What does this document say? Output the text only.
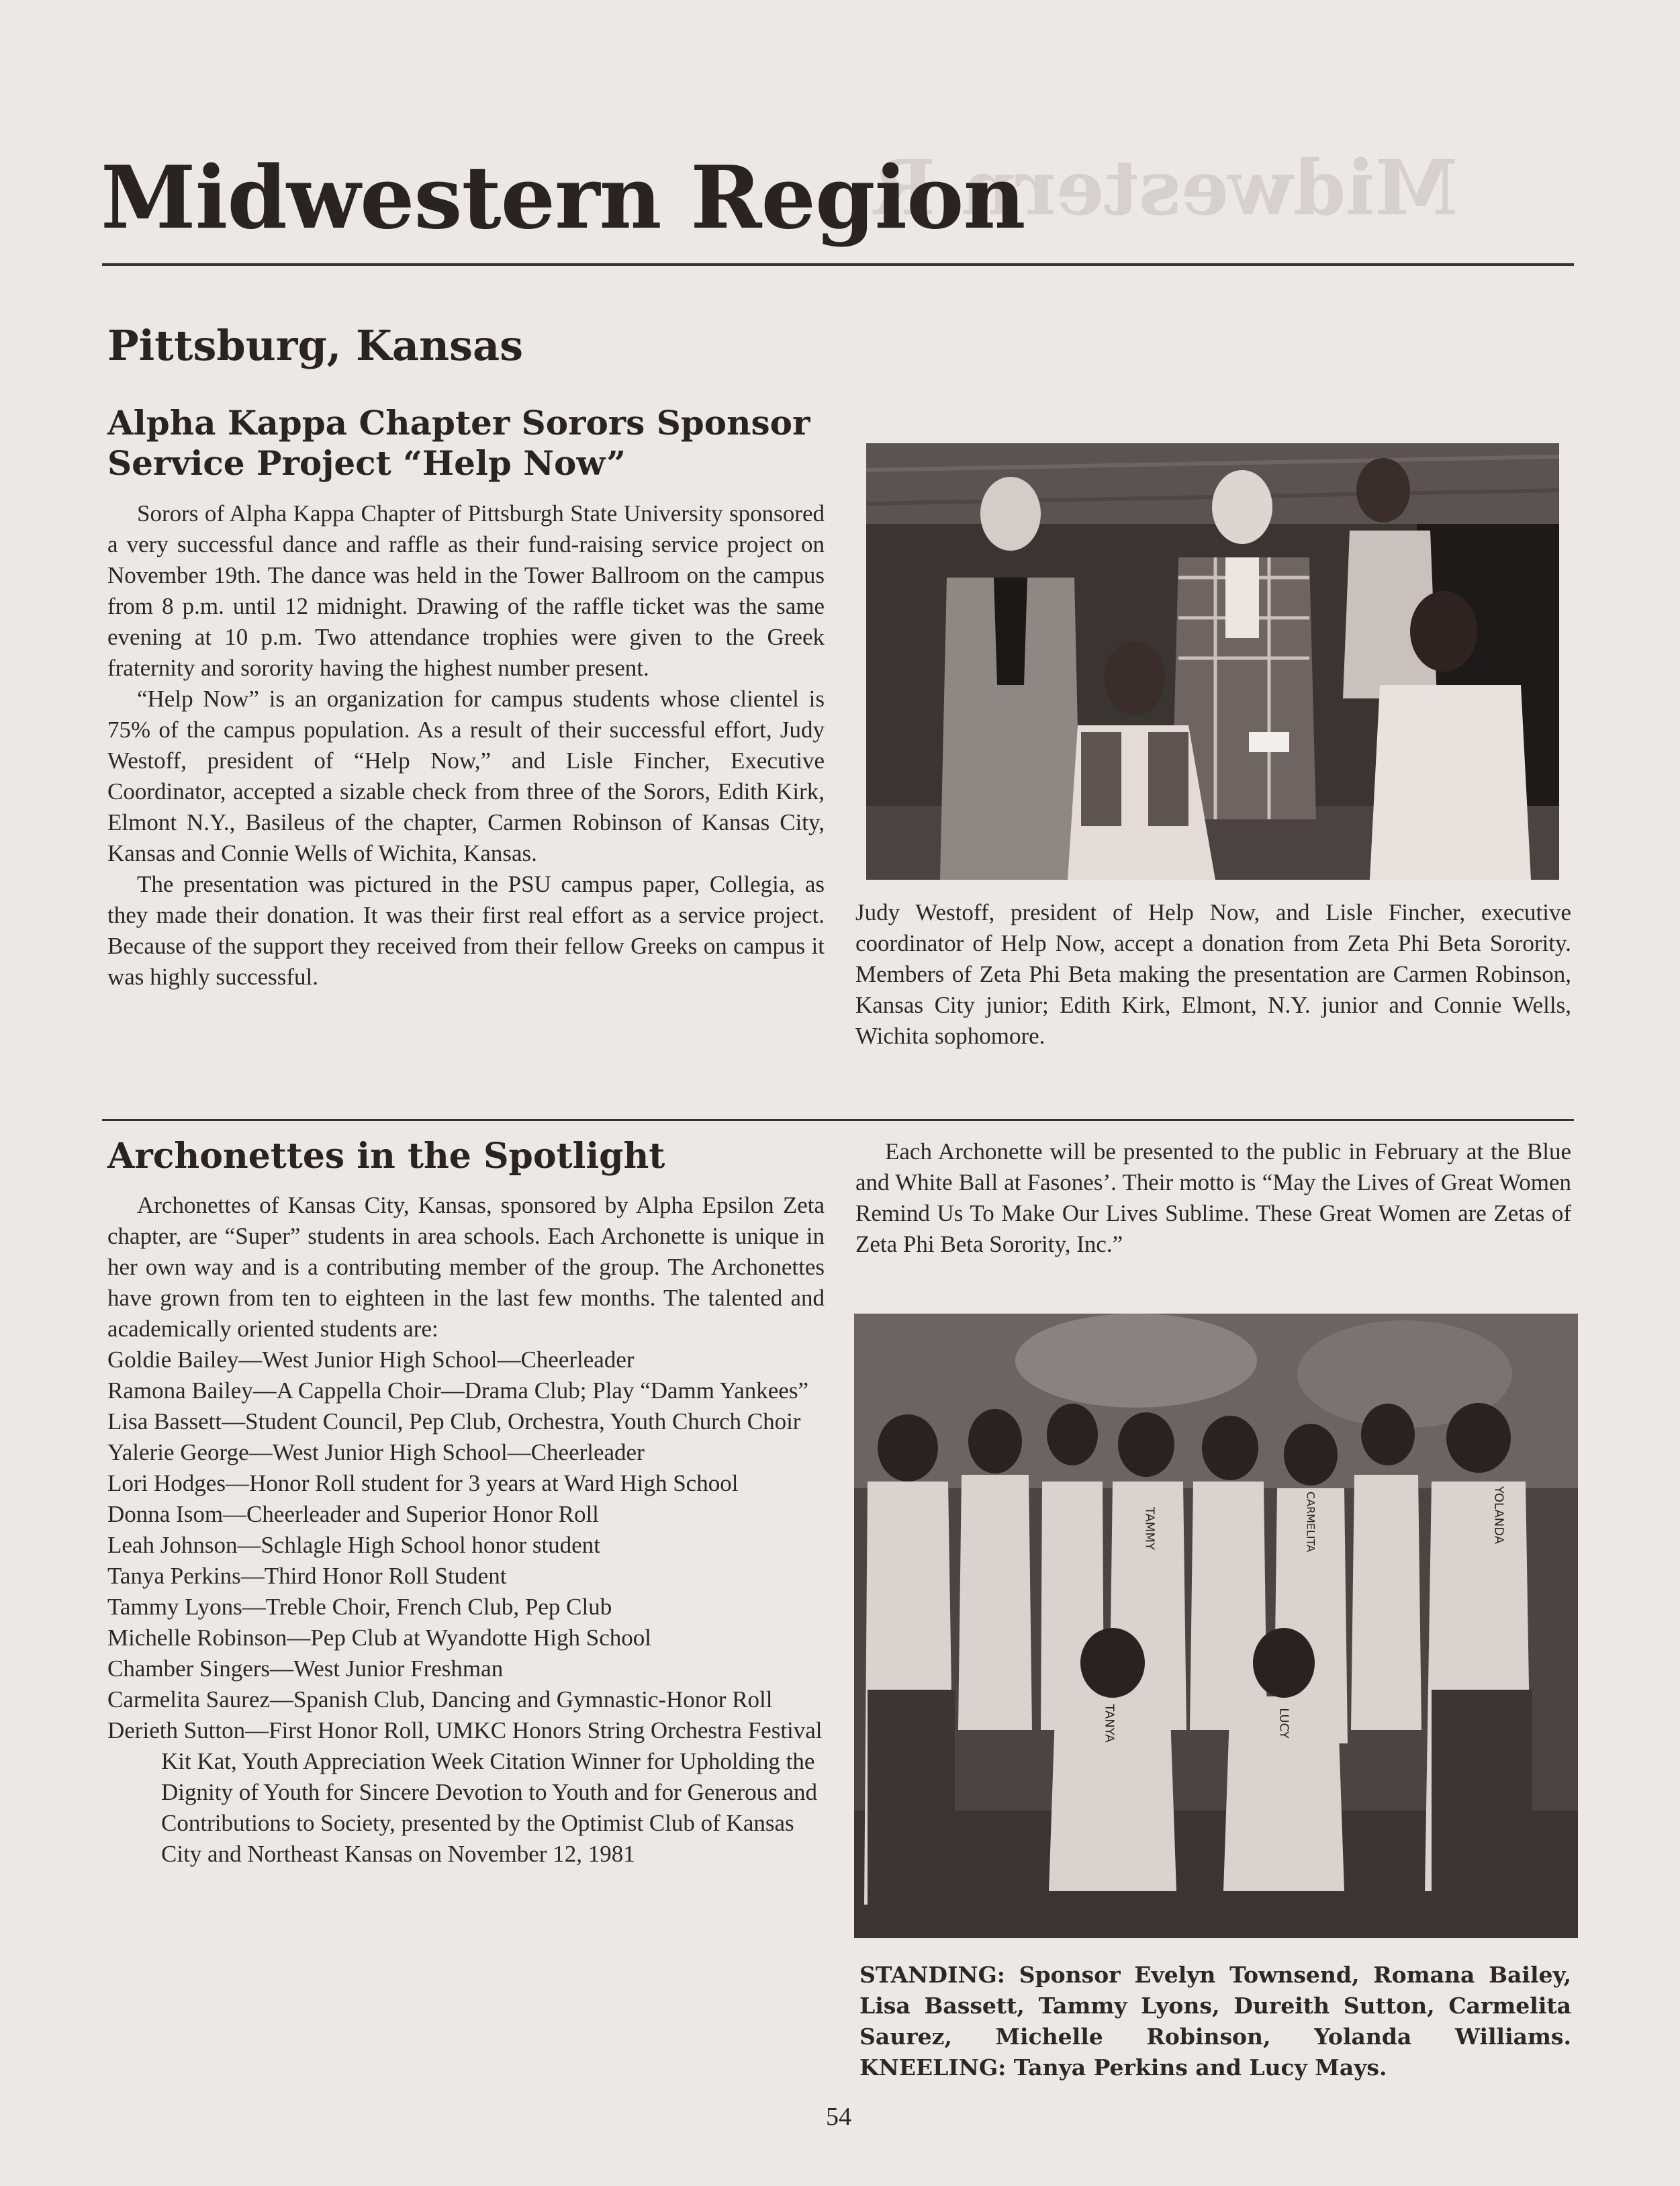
Midwestern R
Midwestern Region
Pittsburg, Kansas
Alpha Kappa Chapter Sorors Sponsor
Service Project “Help Now”

Sorors of Alpha Kappa Chapter of Pittsburgh State University sponsored a very successful dance and raffle as their fund-raising service project on November 19th. The dance was held in the Tower Ballroom on the campus from 8 p.m. until 12 midnight. Drawing of the raffle ticket was the same evening at 10 p.m. Two attendance trophies were given to the Greek fraternity and sorority having the highest number present.

“Help Now” is an organization for campus students whose clientel is 75% of the campus population. As a result of their successful effort, Judy Westoff, president of “Help Now,” and Lisle Fincher, Executive Coordinator, accepted a sizable check from three of the Sorors, Edith Kirk, Elmont N.Y., Basileus of the chapter, Carmen Robinson of Kansas City, Kansas and Connie Wells of Wichita, Kansas.

The presentation was pictured in the PSU campus paper, Collegia, as they made their donation. It was their first real effort as a service project. Because of the support they received from their fellow Greeks on campus it was highly successful.

Judy Westoff, president of Help Now, and Lisle Fincher, executive coordinator of Help Now, accept a donation from Zeta Phi Beta Sorority. Members of Zeta Phi Beta making the presentation are Carmen Robinson, Kansas City junior; Edith Kirk, Elmont, N.Y. junior and Connie Wells, Wichita sophomore.
Archonettes in the Spotlight

Archonettes of Kansas City, Kansas, sponsored by Alpha Epsilon Zeta chapter, are “Super” students in area schools. Each Archonette is unique in her own way and is a contributing member of the group. The Archonettes have grown from ten to eighteen in the last few months. The talented and academically oriented students are:

Goldie Bailey—West Junior High School—Cheerleader
Ramona Bailey—A Cappella Choir—Drama Club; Play “Damm Yankees”
Lisa Bassett—Student Council, Pep Club, Orchestra, Youth Church Choir
Yalerie George—West Junior High School—Cheerleader
Lori Hodges—Honor Roll student for 3 years at Ward High School
Donna Isom—Cheerleader and Superior Honor Roll
Leah Johnson—Schlagle High School honor student
Tanya Perkins—Third Honor Roll Student
Tammy Lyons—Treble Choir, French Club, Pep Club
Michelle Robinson—Pep Club at Wyandotte High School
Chamber Singers—West Junior Freshman
Carmelita Saurez—Spanish Club, Dancing and Gymnastic-Honor Roll
Derieth Sutton—First Honor Roll, UMKC Honors String Orchestra Festival Kit Kat, Youth Appreciation Week Citation Winner for Upholding the Dignity of Youth for Sincere Devotion to Youth and for Generous and Contributions to Society, presented by the Optimist Club of Kansas City and Northeast Kansas on November 12, 1981

Each Archonette will be presented to the public in February at the Blue and White Ball at Fasones’. Their motto is “May the Lives of Great Women Remind Us To Make Our Lives Sublime. These Great Women are Zetas of Zeta Phi Beta Sorority, Inc.”

TAMMY	YOLANDA
CARMELITA
TANYA	LUCY
STANDING: Sponsor Evelyn Townsend, Romana Bailey, Lisa Bassett, Tammy Lyons, Dureith Sutton, Carmelita Saurez, Michelle Robinson, Yolanda Williams. KNEELING: Tanya Perkins and Lucy Mays.
54
